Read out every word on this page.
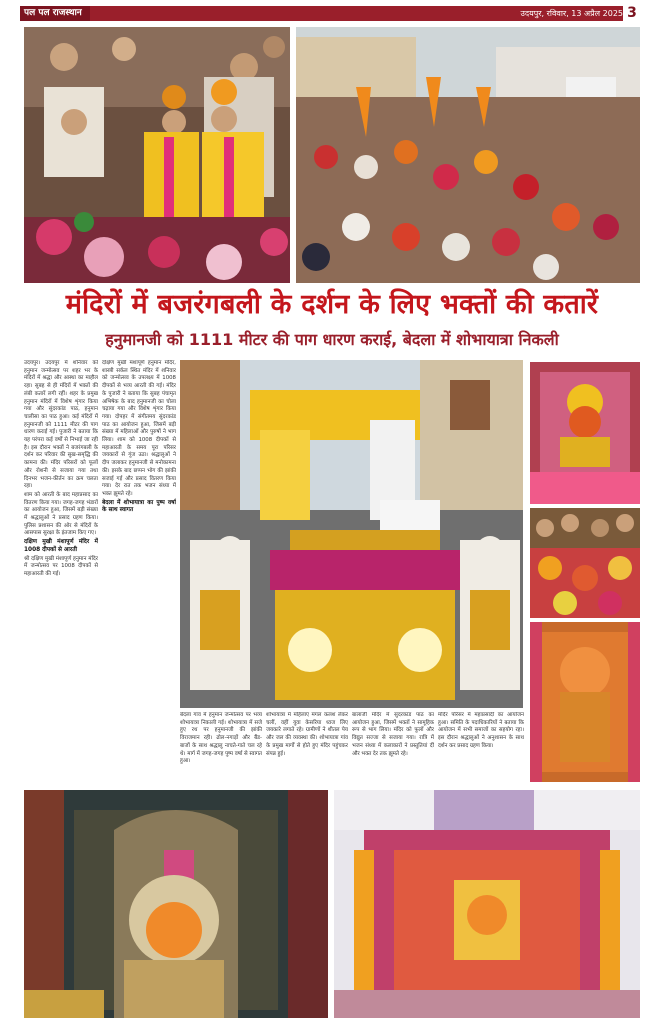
पल पल राजस्थान	उदयपुर, रविवार, 13 अप्रैल 2025 3
मंदिरों में बजरंगबली के दर्शन के लिए भक्तों की कतारें
हनुमानजी को 1111 मीटर की पाग धारण कराई, बेदला में शोभायात्रा निकली

उदयपुर। उदयपुर में शनिवार को हनुमान जन्मोत्सव पर शहर भर के मंदिरों में श्रद्धा और आस्था का माहौल रहा। सुबह से ही मंदिरों में भक्तों की लंबी कतारें लगी रहीं। शहर के प्रमुख हनुमान मंदिरों में विशेष शृंगार किया गया और सुंदरकांड पाठ, हनुमान चालीसा का पाठ हुआ। कई मंदिरों में हनुमानजी को 1111 मीटर की पाग धारण कराई गई। पुजारी ने बताया कि यह परंपरा कई वर्षों से निभाई जा रही है। इस दौरान भक्तों ने बजरंगबली के दर्शन कर परिवार की सुख-समृद्धि की कामना की। मंदिर परिसरों को फूलों और रोशनी से सजाया गया तथा दिनभर भजन-कीर्तन का क्रम चलता रहा।

शाम को आरती के बाद महाप्रसाद का वितरण किया गया। जगह-जगह भंडारों का आयोजन हुआ, जिसमें बड़ी संख्या में श्रद्धालुओं ने प्रसाद ग्रहण किया। पुलिस प्रशासन की ओर से मंदिरों के आसपास सुरक्षा के इंतजाम किए गए।

दक्षिण मुखी मंशापूर्ण मंदिर में 1008 दीपकों से आरती

श्री दक्षिण मुखी मंशापूर्ण हनुमान मंदिर में जन्मोत्सव पर 1008 दीपकों से महाआरती की गई।

दक्षिण मुखी मंशापूर्ण हनुमान मंदिर, शास्त्री सर्कल स्थित मंदिर में शनिवार को जन्मोत्सव के उपलक्ष्य में 1008 दीपकों से भव्य आरती की गई। मंदिर के पुजारी ने बताया कि सुबह पंचामृत अभिषेक के बाद हनुमानजी का चोला चढ़ाया गया और विशेष शृंगार किया गया। दोपहर में संगीतमय सुंदरकांड पाठ का आयोजन हुआ, जिसमें बड़ी संख्या में महिलाओं और पुरुषों ने भाग लिया। शाम को 1008 दीपकों से महाआरती के समय पूरा परिसर जयकारों से गूंज उठा। श्रद्धालुओं ने दीप जलाकर हनुमानजी से मनोकामना की। इसके बाद छप्पन भोग की झांकी सजाई गई और प्रसाद वितरण किया गया। देर रात तक भजन संध्या में भक्त झूमते रहे।

बेदला में शोभायात्रा का पुष्प वर्षा के साथ स्वागत

बेदला गांव में हनुमान जन्मोत्सव पर भव्य शोभायात्रा निकाली गई। शोभायात्रा में सजे हुए रथ पर हनुमानजी की झांकी विराजमान रही। ढोल-नगाड़ों और बैंड-बाजों के साथ श्रद्धालु नाचते-गाते चल रहे थे। मार्ग में जगह-जगह पुष्प वर्षा से स्वागत हुआ।

शोभायात्रा में महिलाएं मंगल कलश लेकर चलीं, वहीं युवा केसरिया ध्वज लिए जयकारे लगाते रहे। ग्रामीणों ने शीतल पेय और जल की व्यवस्था की। शोभायात्रा गांव के प्रमुख मार्गों से होते हुए मंदिर पहुंचकर संपन्न हुई।

बालाजी मंदिर में सुंदरकांड पाठ का आयोजन हुआ, जिसमें भक्तों ने सामूहिक रूप से भाग लिया। मंदिर को फूलों और विद्युत सज्जा से सजाया गया। रात्रि में भजन संध्या में कलाकारों ने प्रस्तुतियां दीं और भक्त देर तक झूमते रहे।

मंदिर परिसर में महाप्रसादी का आयोजन हुआ। समिति के पदाधिकारियों ने बताया कि आयोजन में सभी समाजों का सहयोग रहा। इस दौरान श्रद्धालुओं ने अनुशासन के साथ दर्शन कर प्रसाद ग्रहण किया।
